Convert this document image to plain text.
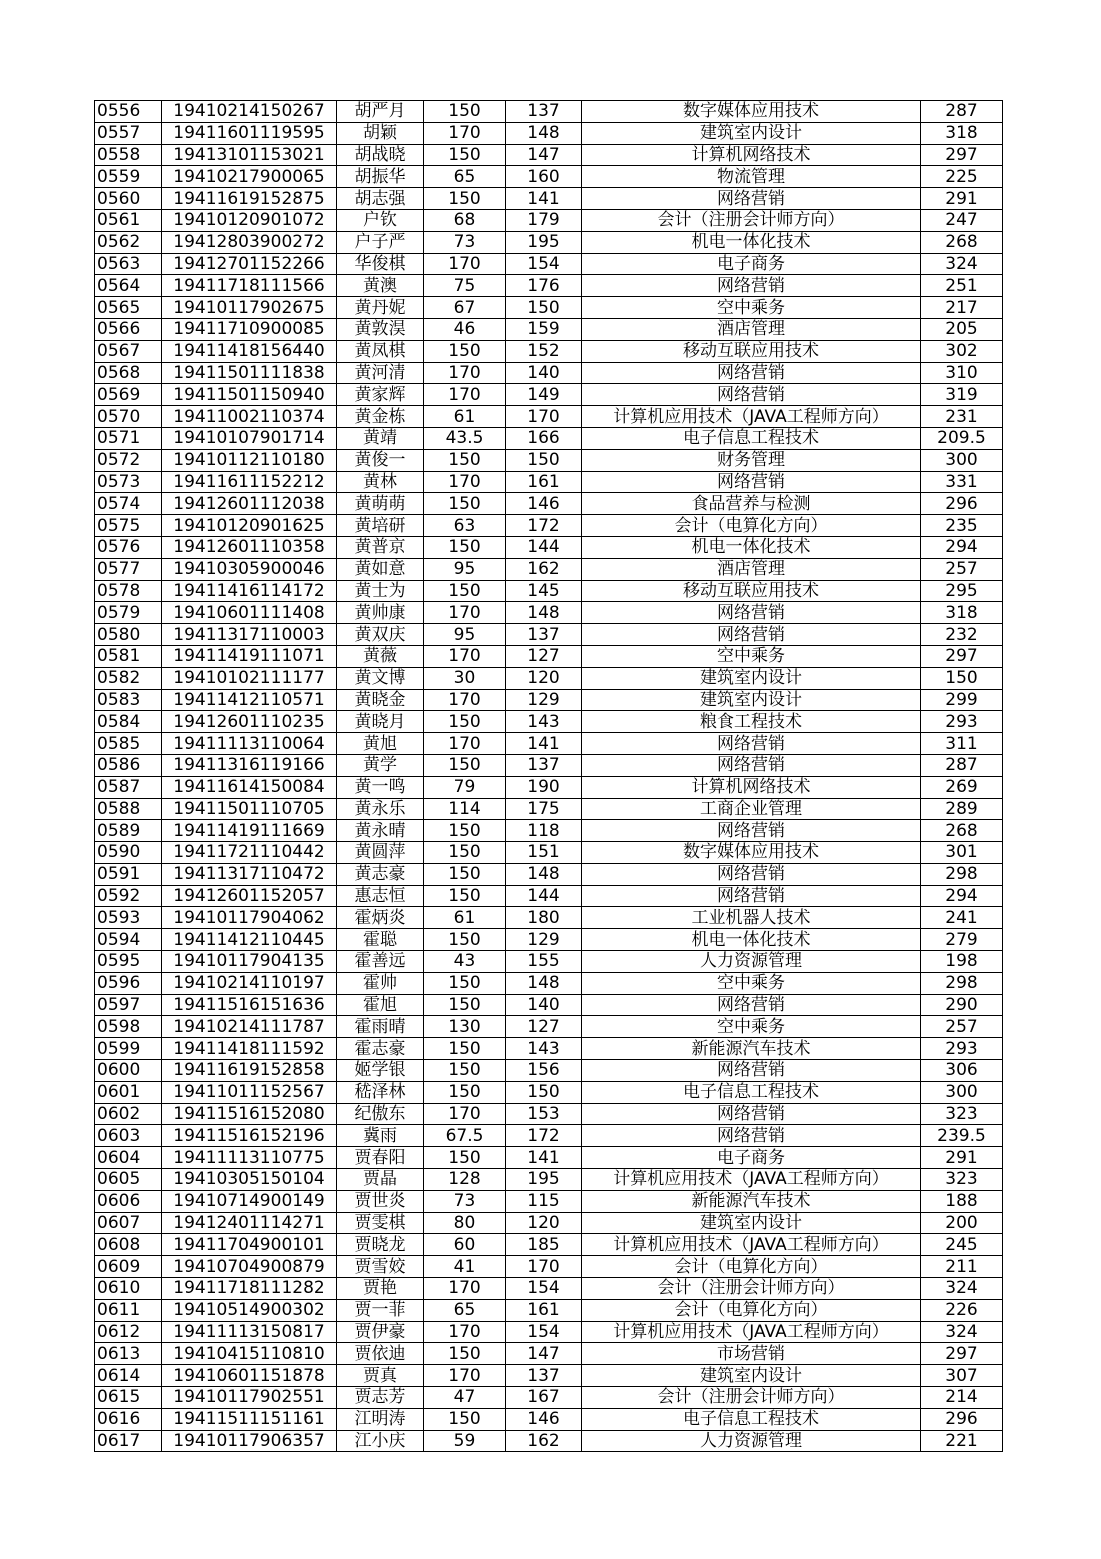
0556	19410214150267	胡严月	150	137	数字媒体应用技术	287
0557	19411601119595	胡颖	170	148	建筑室内设计	318
0558	19413101153021	胡战晓	150	147	计算机网络技术	297
0559	19410217900065	胡振华	65	160	物流管理	225
0560	19411619152875	胡志强	150	141	网络营销	291
0561	19410120901072	户钦	68	179	会计（注册会计师方向）	247
0562	19412803900272	户子严	73	195	机电一体化技术	268
0563	19412701152266	华俊棋	170	154	电子商务	324
0564	19411718111566	黄澳	75	176	网络营销	251
0565	19410117902675	黄丹妮	67	150	空中乘务	217
0566	19411710900085	黄敦淏	46	159	酒店管理	205
0567	19411418156440	黄凤棋	150	152	移动互联应用技术	302
0568	19411501111838	黄河清	170	140	网络营销	310
0569	19411501150940	黄家辉	170	149	网络营销	319
0570	19411002110374	黄金栋	61	170	计算机应用技术（JAVA工程师方向）	231
0571	19410107901714	黄靖	43.5	166	电子信息工程技术	209.5
0572	19410112110180	黄俊一	150	150	财务管理	300
0573	19411611152212	黄林	170	161	网络营销	331
0574	19412601112038	黄萌萌	150	146	食品营养与检测	296
0575	19410120901625	黄培研	63	172	会计（电算化方向）	235
0576	19412601110358	黄普京	150	144	机电一体化技术	294
0577	19410305900046	黄如意	95	162	酒店管理	257
0578	19411416114172	黄士为	150	145	移动互联应用技术	295
0579	19410601111408	黄帅康	170	148	网络营销	318
0580	19411317110003	黄双庆	95	137	网络营销	232
0581	19411419111071	黄薇	170	127	空中乘务	297
0582	19410102111177	黄文博	30	120	建筑室内设计	150
0583	19411412110571	黄晓金	170	129	建筑室内设计	299
0584	19412601110235	黄晓月	150	143	粮食工程技术	293
0585	19411113110064	黄旭	170	141	网络营销	311
0586	19411316119166	黄学	150	137	网络营销	287
0587	19411614150084	黄一鸣	79	190	计算机网络技术	269
0588	19411501110705	黄永乐	114	175	工商企业管理	289
0589	19411419111669	黄永晴	150	118	网络营销	268
0590	19411721110442	黄圆萍	150	151	数字媒体应用技术	301
0591	19411317110472	黄志豪	150	148	网络营销	298
0592	19412601152057	惠志恒	150	144	网络营销	294
0593	19410117904062	霍炳炎	61	180	工业机器人技术	241
0594	19411412110445	霍聪	150	129	机电一体化技术	279
0595	19410117904135	霍善远	43	155	人力资源管理	198
0596	19410214110197	霍帅	150	148	空中乘务	298
0597	19411516151636	霍旭	150	140	网络营销	290
0598	19410214111787	霍雨晴	130	127	空中乘务	257
0599	19411418111592	霍志豪	150	143	新能源汽车技术	293
0600	19411619152858	姬学银	150	156	网络营销	306
0601	19411011152567	嵇泽林	150	150	电子信息工程技术	300
0602	19411516152080	纪傲东	170	153	网络营销	323
0603	19411516152196	冀雨	67.5	172	网络营销	239.5
0604	19411113110775	贾春阳	150	141	电子商务	291
0605	19410305150104	贾晶	128	195	计算机应用技术（JAVA工程师方向）	323
0606	19410714900149	贾世炎	73	115	新能源汽车技术	188
0607	19412401114271	贾雯棋	80	120	建筑室内设计	200
0608	19411704900101	贾晓龙	60	185	计算机应用技术（JAVA工程师方向）	245
0609	19410704900879	贾雪姣	41	170	会计（电算化方向）	211
0610	19411718111282	贾艳	170	154	会计（注册会计师方向）	324
0611	19410514900302	贾一菲	65	161	会计（电算化方向）	226
0612	19411113150817	贾伊豪	170	154	计算机应用技术（JAVA工程师方向）	324
0613	19410415110810	贾依迪	150	147	市场营销	297
0614	19410601151878	贾真	170	137	建筑室内设计	307
0615	19410117902551	贾志芳	47	167	会计（注册会计师方向）	214
0616	19411511151161	江明涛	150	146	电子信息工程技术	296
0617	19410117906357	江小庆	59	162	人力资源管理	221
